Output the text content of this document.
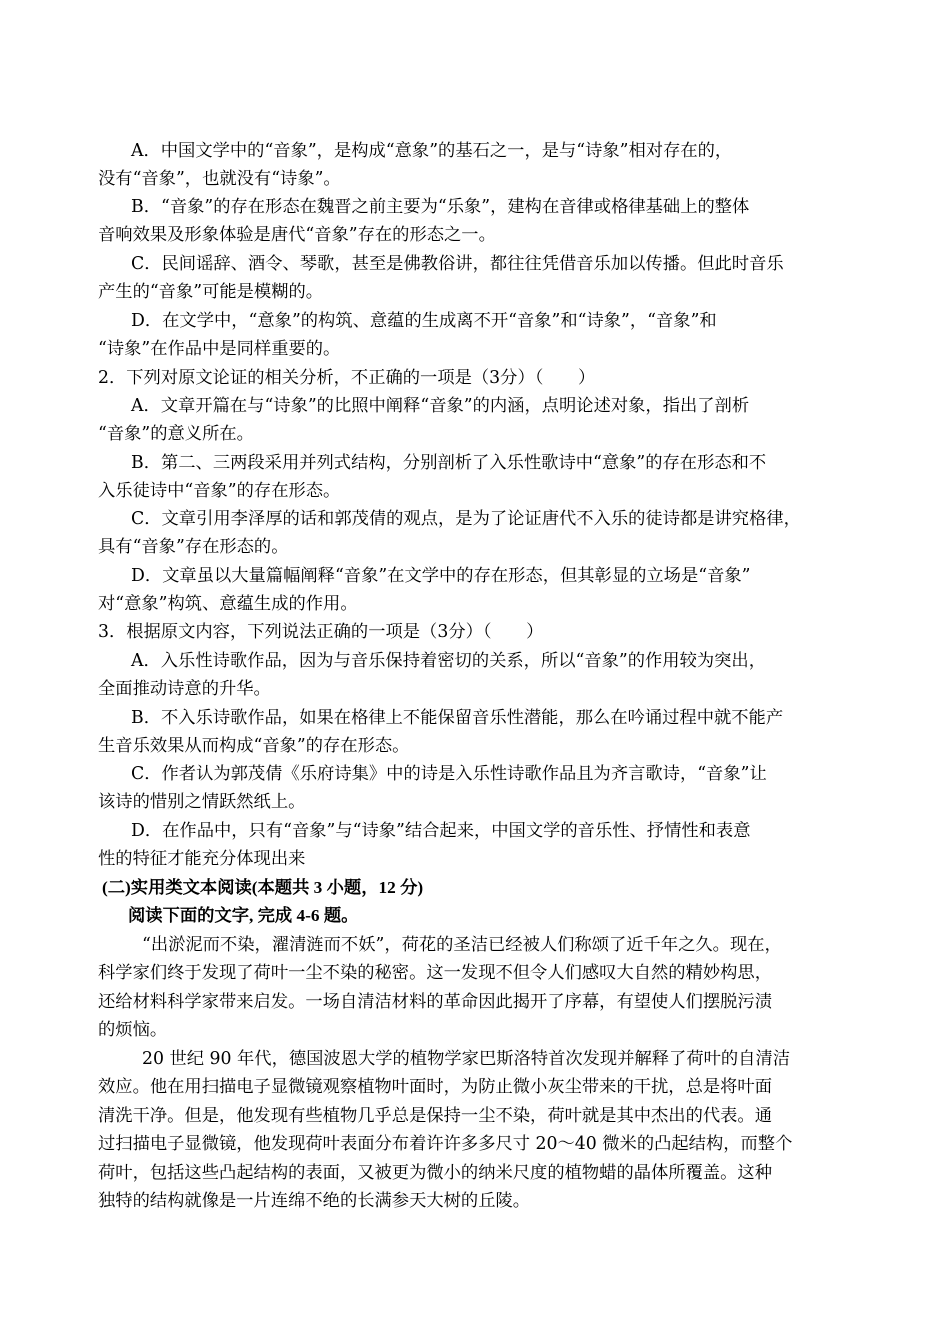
A．中国文学中的“音象”，是构成“意象”的基石之一，是与“诗象”相对存在的，
没有“音象”，也就没有“诗象”。
B．“音象”的存在形态在魏晋之前主要为“乐象”，建构在音律或格律基础上的整体
音响效果及形象体验是唐代“音象”存在的形态之一。
C．民间谣辞、酒令、琴歌，甚至是佛教俗讲，都往往凭借音乐加以传播。但此时音乐
产生的“音象”可能是模糊的。
D．在文学中，“意象”的构筑、意蕴的生成离不开“音象”和“诗象”，“音象”和
“诗象”在作品中是同样重要的。
2．下列对原文论证的相关分析，不正确的一项是（3分）（　　）
A．文章开篇在与“诗象”的比照中阐释“音象”的内涵，点明论述对象，指出了剖析
“音象”的意义所在。
B．第二、三两段采用并列式结构，分别剖析了入乐性歌诗中“意象”的存在形态和不
入乐徒诗中“音象”的存在形态。
C．文章引用李泽厚的话和郭茂倩的观点，是为了论证唐代不入乐的徒诗都是讲究格律，
具有“音象”存在形态的。
D．文章虽以大量篇幅阐释“音象”在文学中的存在形态，但其彰显的立场是“音象”
对“意象”构筑、意蕴生成的作用。
3．根据原文内容，下列说法正确的一项是（3分）（　　）
A．入乐性诗歌作品，因为与音乐保持着密切的关系，所以“音象”的作用较为突出，
全面推动诗意的升华。
B．不入乐诗歌作品，如果在格律上不能保留音乐性潜能，那么在吟诵过程中就不能产
生音乐效果从而构成“音象”的存在形态。
C．作者认为郭茂倩《乐府诗集》中的诗是入乐性诗歌作品且为齐言歌诗，“音象”让
该诗的惜别之情跃然纸上。
D．在作品中，只有“音象”与“诗象”结合起来，中国文学的音乐性、抒情性和表意
性的特征才能充分体现出来
(二)实用类文本阅读(本题共 3 小题，12 分)
阅读下面的文字, 完成 4-6 题。
“出淤泥而不染，濯清涟而不妖”，荷花的圣洁已经被人们称颂了近千年之久。现在，
科学家们终于发现了荷叶一尘不染的秘密。这一发现不但令人们感叹大自然的精妙构思，
还给材料科学家带来启发。一场自清洁材料的革命因此揭开了序幕，有望使人们摆脱污渍
的烦恼。
20 世纪 90 年代，德国波恩大学的植物学家巴斯洛特首次发现并解释了荷叶的自清洁
效应。他在用扫描电子显微镜观察植物叶面时，为防止微小灰尘带来的干扰，总是将叶面
清洗干净。但是，他发现有些植物几乎总是保持一尘不染，荷叶就是其中杰出的代表。通
过扫描电子显微镜，他发现荷叶表面分布着许许多多尺寸 20～40 微米的凸起结构，而整个
荷叶，包括这些凸起结构的表面，又被更为微小的纳米尺度的植物蜡的晶体所覆盖。这种
独特的结构就像是一片连绵不绝的长满参天大树的丘陵。
